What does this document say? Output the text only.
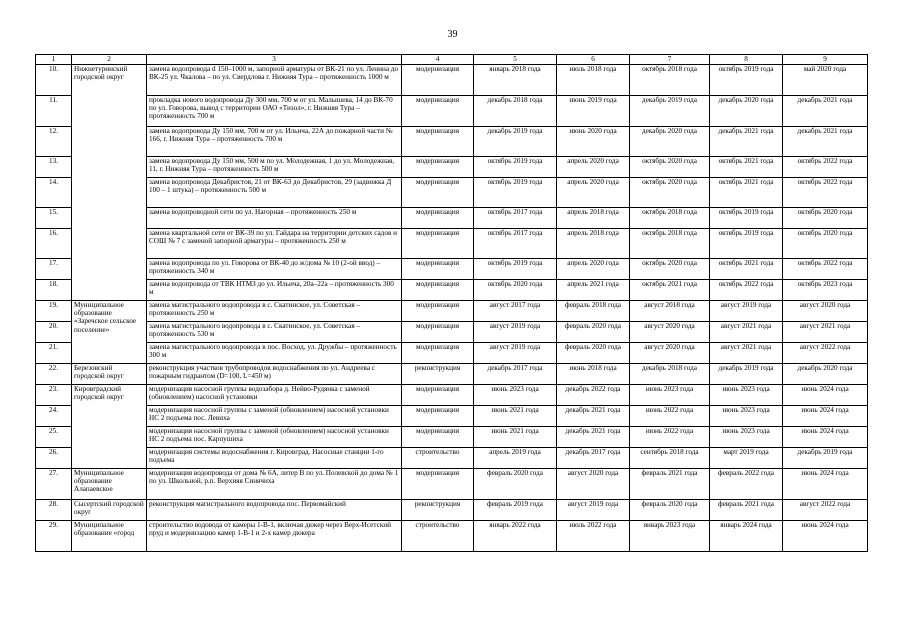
39
1	2	3	4	5	6	7	8	9
10.	Нижнетуринский городской округ	замена водопровода d 150–1000 м, запорной арматуры от ВК-21 по ул. Ленина до ВК-25 ул. Чкалова – по ул. Свердлова г. Нижняя Тура – протяженность 1000 м	модернизация	январь 2018 года	июль 2018 года	октябрь 2018 года	октябрь 2019 года	май 2020 года
11.		прокладка нового водопровода Ду 300 мм, 700 м от ул. Малышева, 14 до ВК-70 по ул. Говорова, вывод с территории ОАО «Тизол», г. Нижняя Тура – протяженность 700 м	модернизация	декабрь 2018 года	июнь 2019 года	декабрь 2019 года	декабрь 2020 года	декабрь 2021 года
12.		замена водопровода Ду 150 мм, 700 м от ул. Ильича, 22А до пожарной части № 166, г. Нижняя Тура – протяженность 700 м	модернизация	декабрь 2019 года	июнь 2020 года	декабрь 2020 года	декабрь 2021 года	декабрь 2021 года
13.		замена водопровода Ду 150 мм, 500 м по ул. Молодежная, 1 до ул. Молодежная, 11, г. Нижняя Тура – протяженность 500 м	модернизация	октябрь 2019 года	апрель 2020 года	октябрь 2020 года	октябрь 2021 года	октябрь 2022 года
14.		замена водопровода Декабристов, 21 от ВК-63 до Декабристов, 29 (задвижка Д 100 – 1 штука) – протяженность 500 м	модернизация	октябрь 2019 года	апрель 2020 года	октябрь 2020 года	октябрь 2021 года	октябрь 2022 года
15.		замена водопроводной сети по ул. Нагорная – протяженность 250 м	модернизация	октябрь 2017 года	апрель 2018 года	октябрь 2018 года	октябрь 2019 года	октябрь 2020 года
16.		замена квартальной сети от ВК-39 по ул. Гайдара на территории детских садов и СОШ № 7 с заменой запорной арматуры – протяженность 250 м	модернизация	октябрь 2017 года	апрель 2018 года	октябрь 2018 года	октябрь 2019 года	октябрь 2020 года
17.		замена водопровода по ул. Говорова от ВК-40 до ж/дома № 10 (2-ой ввод) – протяженность 340 м	модернизация	октябрь 2019 года	апрель 2020 года	октябрь 2020 года	октябрь 2021 года	октябрь 2022 года
18.		замена водопровода от ТВК НТМЗ до ул. Ильича, 20а–22а – протяженность 300 м	модернизация	октябрь 2020 года	апрель 2021 года	октябрь 2021 года	октябрь 2022 года	октябрь 2023 года
19.	Муниципальное образование «Заречское сельское поселение»	замена магистрального водопровода в с. Скатинское, ул. Советская – протяженность 250 м	модернизация	август 2017 года	февраль 2018 года	август 2018 года	август 2019 года	август 2020 года
20.		замена магистрального водопровода в с. Скатинское, ул. Советская – протяженность 530 м	модернизация	август 2019 года	февраль 2020 года	август 2020 года	август 2021 года	август 2021 года
21.		замена магистрального водопровода в пос. Восход, ул. Дружбы – протяженность 300 м	модернизация	август 2019 года	февраль 2020 года	август 2020 года	август 2021 года	август 2022 года
22.	Березовский городской округ	реконструкция участков трубопроводов водоснабжения по ул. Андреева с пожарным гидрантом (D=100, L=450 м)	реконструкция	декабрь 2017 года	июнь 2018 года	декабрь 2018 года	декабрь 2019 года	декабрь 2020 года
23.	Кировградский городской округ	модернизация насосной группы водозабора д. Нейво-Рудянка с заменой (обновлением) насосной установки	модернизация	июнь 2023 года	декабрь 2022 года	июнь 2023 года	июнь 2023 года	июнь 2024 года
24.		модернизация насосной группы с заменой (обновлением) насосной установки НС 2 подъема пос. Левиха	модернизация	июнь 2021 года	декабрь 2021 года	июнь 2022 года	июнь 2023 года	июнь 2024 года
25.		модернизация насосной группы с заменой (обновлением) насосной установки НС 2 подъема пос. Карпушиха	модернизация	июнь 2021 года	декабрь 2021 года	июнь 2022 года	июнь 2023 года	июнь 2024 года
26.		модернизация системы водоснабжения г. Кировград. Насосные станции 1-го подъема	строительство	апрель 2019 года	декабрь 2017 года	сентябрь 2018 года	март 2019 года	декабрь 2019 года
27.	Муниципальное образование Алапаевское	модернизация водопровода от дома № 6А, литер В по ул. Полевской до дома № 1 по ул. Школьной, р.п. Верхняя Синячиха	модернизация	февраль 2020 года	август 2020 года	февраль 2021 года	февраль 2022 года	июнь 2024 года
28.	Сысертский городской округ	реконструкция магистрального водопровода пос. Первомайский	реконструкция	февраль 2019 года	август 2019 года	февраль 2020 года	февраль 2021 года	август 2022 года
29.	Муниципальное образование «город	строительство водовода от камеры 1-В-1, включая дюкер через Верх-Исетский пруд и модернизацию камер 1-В-1 и 2-х камер дюкера	строительство	январь 2022 года	июль 2022 года	январь 2023 года	январь 2024 года	июнь 2024 года
